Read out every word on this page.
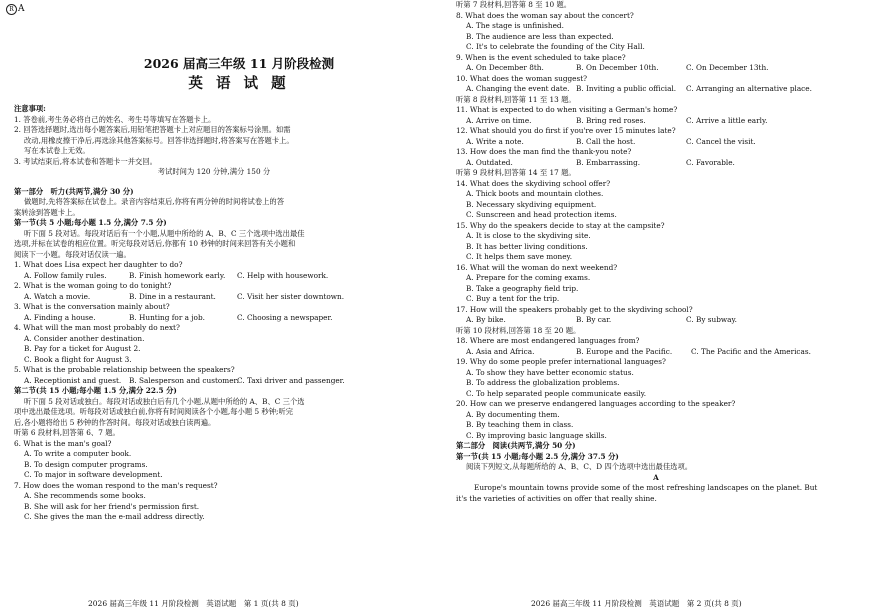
R A
2026 届高三年级 11 月阶段检测
英 语 试 题
注意事项:
1. 答卷前,考生务必将自己的姓名、考生号等填写在答题卡上。
2. 回答选择题时,选出每小题答案后,用铅笔把答题卡上对应题目的答案标号涂黑。如需
改动,用橡皮擦干净后,再选涂其他答案标号。回答非选择题时,将答案写在答题卡上。
写在本试卷上无效。
3. 考试结束后,将本试卷和答题卡一并交回。
考试时间为 120 分钟,满分 150 分
第一部分　听力(共两节,满分 30 分)
做题时,先将答案标在试卷上。录音内容结束后,你将有两分钟的时间将试卷上的答
案转涂到答题卡上。
第一节(共 5 小题;每小题 1.5 分,满分 7.5 分)
听下面 5 段对话。每段对话后有一个小题,从题中所给的 A、B、C 三个选项中选出最佳
选项,并标在试卷的相应位置。听完每段对话后,你都有 10 秒钟的时间来回答有关小题和
阅读下一小题。每段对话仅读一遍。
1. What does Lisa expect her daughter to do?
A. Follow family rules.	B. Finish homework early.	C. Help with housework.
2. What is the woman going to do tonight?
A. Watch a movie.	B. Dine in a restaurant.	C. Visit her sister downtown.
3. What is the conversation mainly about?
A. Finding a house.	B. Hunting for a job.	C. Choosing a newspaper.
4. What will the man most probably do next?
A. Consider another destination.
B. Pay for a ticket for August 2.
C. Book a flight for August 3.
5. What is the probable relationship between the speakers?
A. Receptionist and guest.	B. Salesperson and customer.
C. Taxi driver and passenger.
第二节(共 15 小题;每小题 1.5 分,满分 22.5 分)
听下面 5 段对话或独白。每段对话或独白后有几个小题,从题中所给的 A、B、C 三个选
项中选出最佳选项。听每段对话或独白前,你将有时间阅读各个小题,每小题 5 秒钟;听完
后,各小题将给出 5 秒钟的作答时间。每段对话或独白读两遍。
听第 6 段材料,回答第 6、7 题。
6. What is the man's goal?
A. To write a computer book.
B. To design computer programs.
C. To major in software development.
7. How does the woman respond to the man's request?
A. She recommends some books.
B. She will ask for her friend's permission first.
C. She gives the man the e-mail address directly.
2026 届高三年级 11 月阶段检测　英语试题　第 1 页(共 8 页)
听第 7 段材料,回答第 8 至 10 题。
8. What does the woman say about the concert?
A. The stage is unfinished.
B. The audience are less than expected.
C. It's to celebrate the founding of the City Hall.
9. When is the event scheduled to take place?
A. On December 8th.	B. On December 10th.	C. On December 13th.
10. What does the woman suggest?
A. Changing the event date. B. Inviting a public official.	C. Arranging an alternative place.
听第 8 段材料,回答第 11 至 13 题。
11. What is expected to do when visiting a German's home?
A. Arrive on time.	B. Bring red roses.	C. Arrive a little early.
12. What should you do first if you're over 15 minutes late?
A. Write a note.	B. Call the host.	C. Cancel the visit.
13. How does the man find the thank-you note?
A. Outdated.	B. Embarrassing.	C. Favorable.
听第 9 段材料,回答第 14 至 17 题。
14. What does the skydiving school offer?
A. Thick boots and mountain clothes.
B. Necessary skydiving equipment.
C. Sunscreen and head protection items.
15. Why do the speakers decide to stay at the campsite?
A. It is close to the skydiving site.
B. It has better living conditions.
C. It helps them save money.
16. What will the woman do next weekend?
A. Prepare for the coming exams.
B. Take a geography field trip.
C. Buy a tent for the trip.
17. How will the speakers probably get to the skydiving school?
A. By bike.	B. By car.	C. By subway.
听第 10 段材料,回答第 18 至 20 题。
18. Where are most endangered languages from?
A. Asia and Africa.	B. Europe and the Pacific.	C. The Pacific and the Americas.
19. Why do some people prefer international languages?
A. To show they have better economic status.
B. To address the globalization problems.
C. To help separated people communicate easily.
20. How can we preserve endangered languages according to the speaker?
A. By documenting them.
B. By teaching them in class.
C. By improving basic language skills.
第二部分　阅读(共两节,满分 50 分)
第一节(共 15 小题;每小题 2.5 分,满分 37.5 分)
阅读下列短文,从每题所给的 A、B、C、D 四个选项中选出最佳选项。
A
Europe's mountain towns provide some of the most refreshing landscapes on the planet. But
it's the varieties of activities on offer that really shine.
2026 届高三年级 11 月阶段检测　英语试题　第 2 页(共 8 页)
